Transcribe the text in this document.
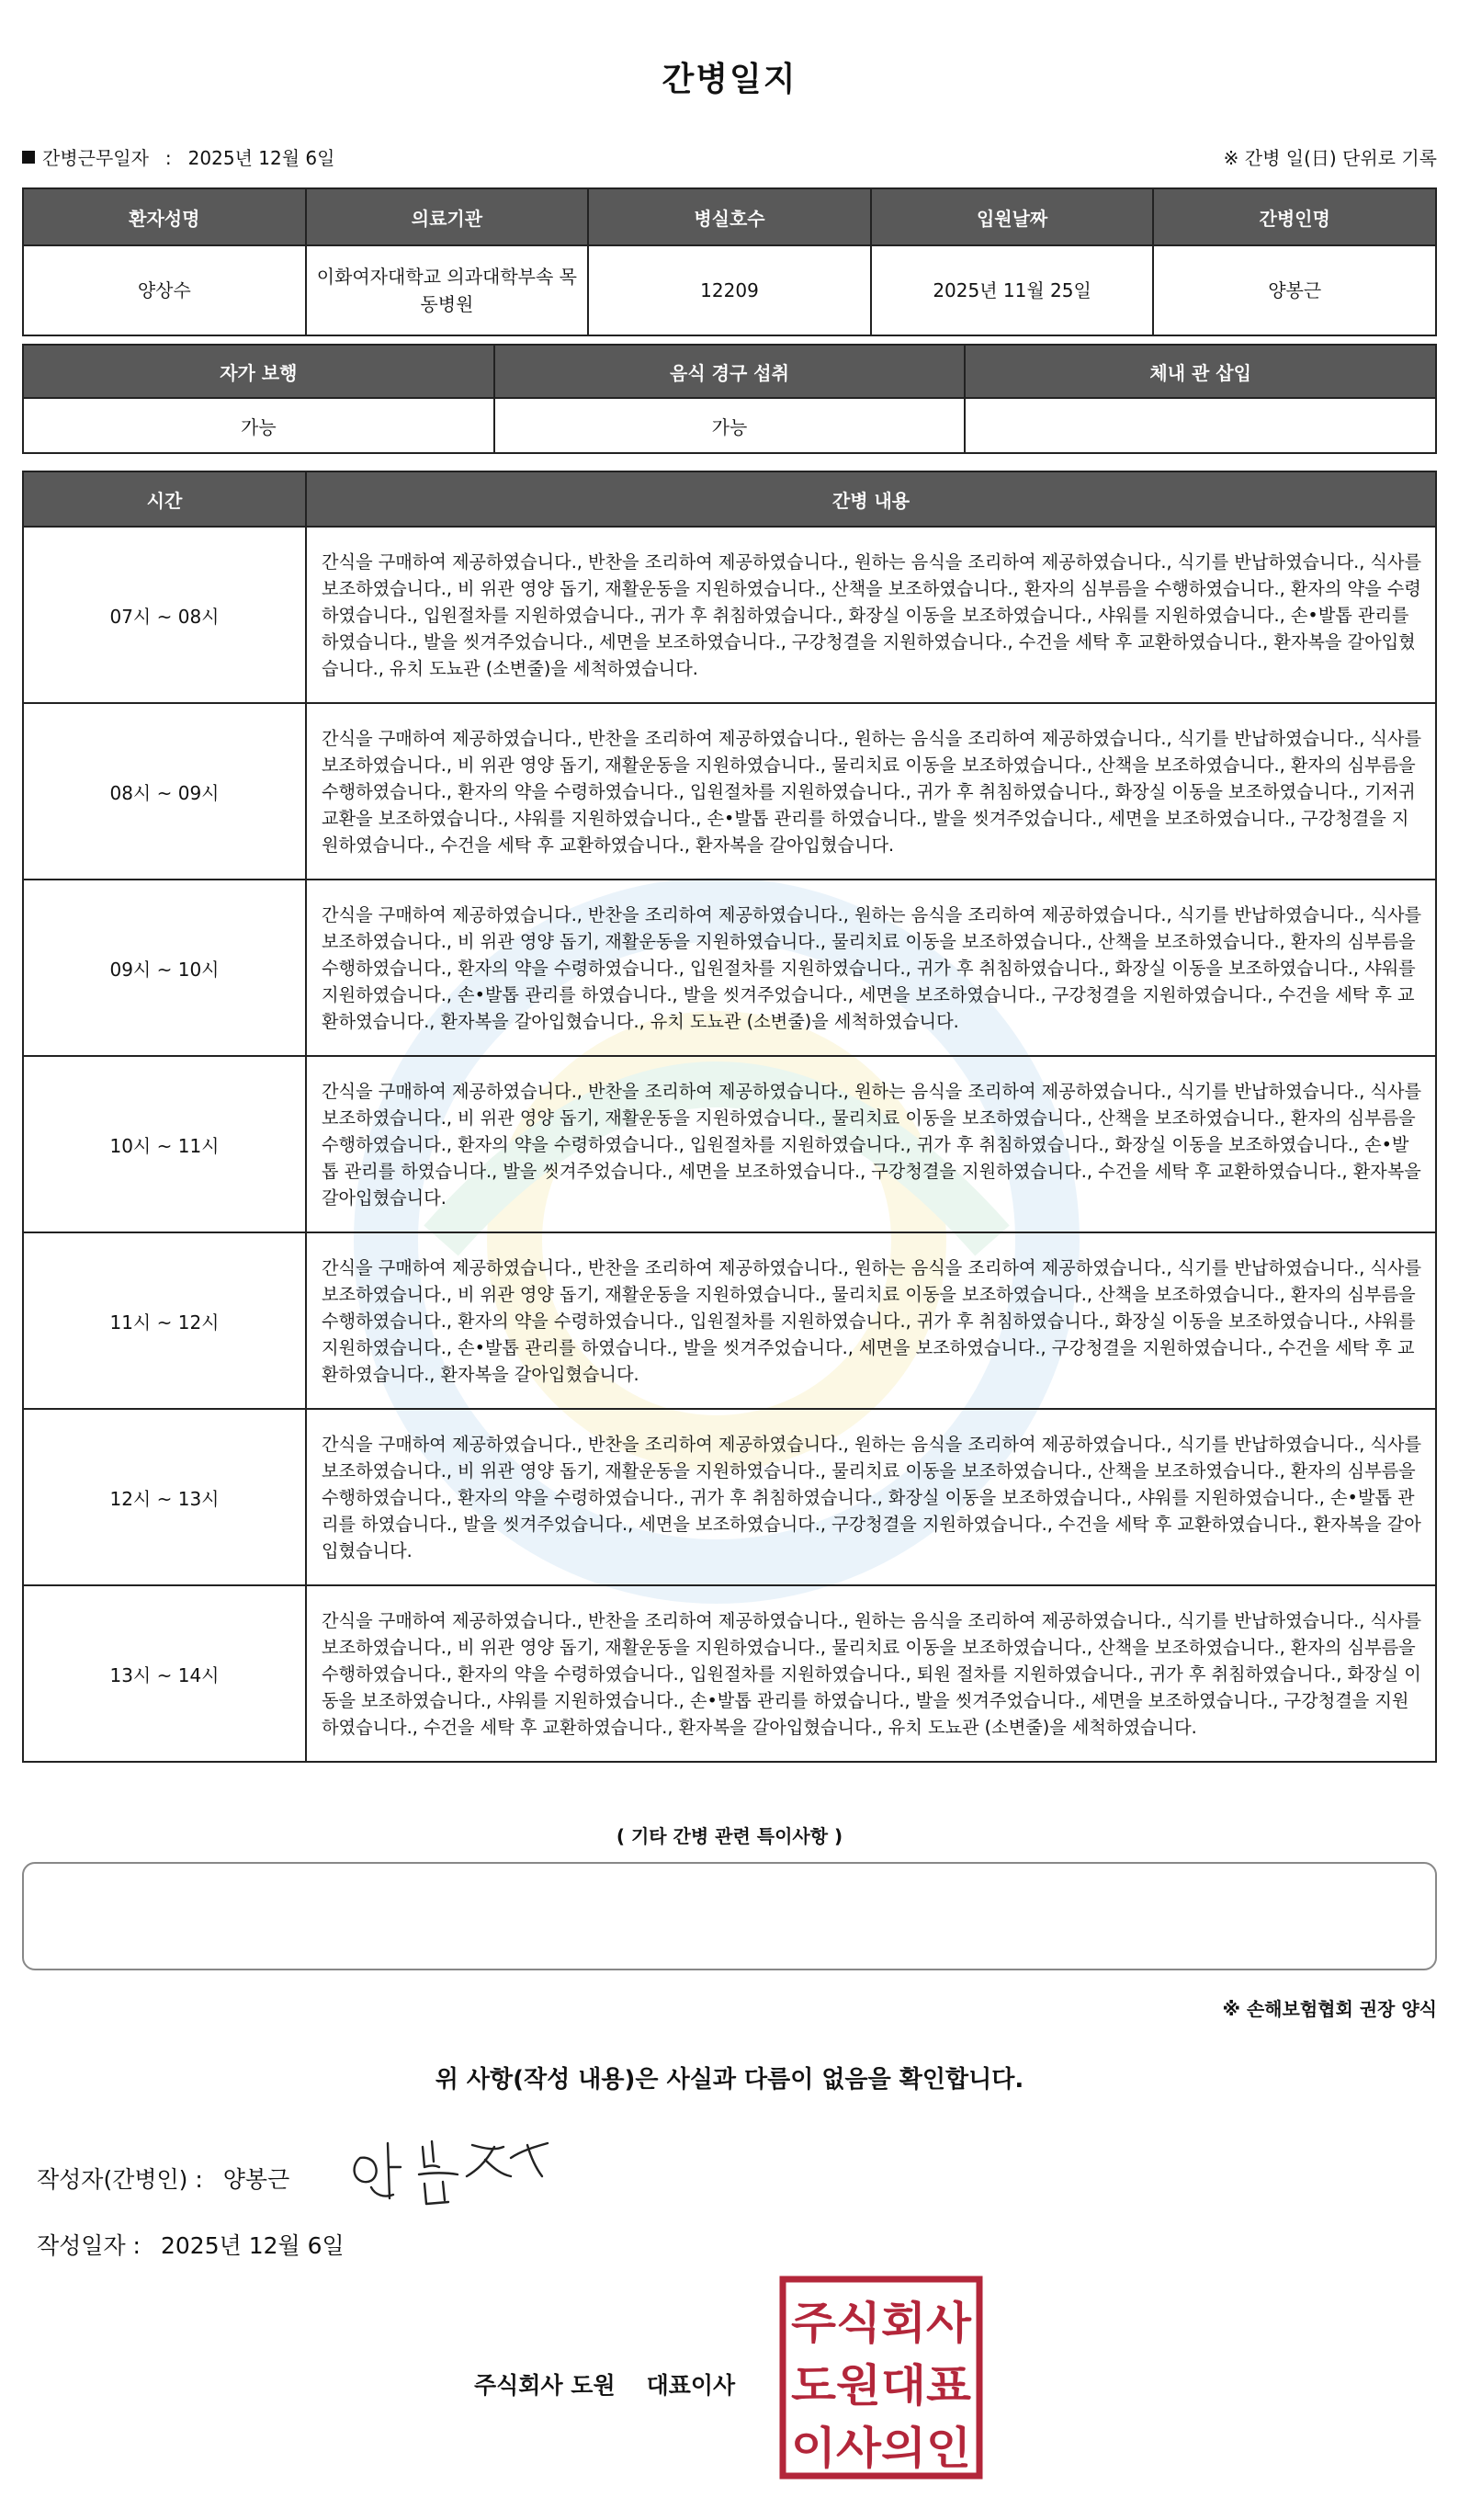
간병일지
간병근무일자 : 2025년 12월 6일	※ 간병 일(日) 단위로 기록
환자성명	의료기관	병실호수	입원날짜	간병인명
양상수	이화여자대학교 의과대학부속 목동병원	12209	2025년 11월 25일	양봉근
자가 보행	음식 경구 섭취	체내 관 삽입
가능	가능	
시간	간병 내용
07시 ~ 08시	간식을 구매하여 제공하였습니다., 반찬을 조리하여 제공하였습니다., 원하는 음식을 조리하여 제공하였습니다., 식기를 반납하였습니다., 식사를 보조하였습니다., 비 위관 영양 돕기, 재활운동을 지원하였습니다., 산책을 보조하였습니다., 환자의 심부름을 수행하였습니다., 환자의 약을 수령하였습니다., 입원절차를 지원하였습니다., 귀가 후 취침하였습니다., 화장실 이동을 보조하였습니다., 샤워를 지원하였습니다., 손•발톱 관리를 하였습니다., 발을 씻겨주었습니다., 세면을 보조하였습니다., 구강청결을 지원하였습니다., 수건을 세탁 후 교환하였습니다., 환자복을 갈아입혔습니다., 유치 도뇨관 (소변줄)을 세척하였습니다.
08시 ~ 09시	간식을 구매하여 제공하였습니다., 반찬을 조리하여 제공하였습니다., 원하는 음식을 조리하여 제공하였습니다., 식기를 반납하였습니다., 식사를 보조하였습니다., 비 위관 영양 돕기, 재활운동을 지원하였습니다., 물리치료 이동을 보조하였습니다., 산책을 보조하였습니다., 환자의 심부름을 수행하였습니다., 환자의 약을 수령하였습니다., 입원절차를 지원하였습니다., 귀가 후 취침하였습니다., 화장실 이동을 보조하였습니다., 기저귀 교환을 보조하였습니다., 샤워를 지원하였습니다., 손•발톱 관리를 하였습니다., 발을 씻겨주었습니다., 세면을 보조하였습니다., 구강청결을 지원하였습니다., 수건을 세탁 후 교환하였습니다., 환자복을 갈아입혔습니다.
09시 ~ 10시	간식을 구매하여 제공하였습니다., 반찬을 조리하여 제공하였습니다., 원하는 음식을 조리하여 제공하였습니다., 식기를 반납하였습니다., 식사를 보조하였습니다., 비 위관 영양 돕기, 재활운동을 지원하였습니다., 물리치료 이동을 보조하였습니다., 산책을 보조하였습니다., 환자의 심부름을 수행하였습니다., 환자의 약을 수령하였습니다., 입원절차를 지원하였습니다., 귀가 후 취침하였습니다., 화장실 이동을 보조하였습니다., 샤워를 지원하였습니다., 손•발톱 관리를 하였습니다., 발을 씻겨주었습니다., 세면을 보조하였습니다., 구강청결을 지원하였습니다., 수건을 세탁 후 교환하였습니다., 환자복을 갈아입혔습니다., 유치 도뇨관 (소변줄)을 세척하였습니다.
10시 ~ 11시	간식을 구매하여 제공하였습니다., 반찬을 조리하여 제공하였습니다., 원하는 음식을 조리하여 제공하였습니다., 식기를 반납하였습니다., 식사를 보조하였습니다., 비 위관 영양 돕기, 재활운동을 지원하였습니다., 물리치료 이동을 보조하였습니다., 산책을 보조하였습니다., 환자의 심부름을 수행하였습니다., 환자의 약을 수령하였습니다., 입원절차를 지원하였습니다., 귀가 후 취침하였습니다., 화장실 이동을 보조하였습니다., 손•발톱 관리를 하였습니다., 발을 씻겨주었습니다., 세면을 보조하였습니다., 구강청결을 지원하였습니다., 수건을 세탁 후 교환하였습니다., 환자복을 갈아입혔습니다.
11시 ~ 12시	간식을 구매하여 제공하였습니다., 반찬을 조리하여 제공하였습니다., 원하는 음식을 조리하여 제공하였습니다., 식기를 반납하였습니다., 식사를 보조하였습니다., 비 위관 영양 돕기, 재활운동을 지원하였습니다., 물리치료 이동을 보조하였습니다., 산책을 보조하였습니다., 환자의 심부름을 수행하였습니다., 환자의 약을 수령하였습니다., 입원절차를 지원하였습니다., 귀가 후 취침하였습니다., 화장실 이동을 보조하였습니다., 샤워를 지원하였습니다., 손•발톱 관리를 하였습니다., 발을 씻겨주었습니다., 세면을 보조하였습니다., 구강청결을 지원하였습니다., 수건을 세탁 후 교환하였습니다., 환자복을 갈아입혔습니다.
12시 ~ 13시	간식을 구매하여 제공하였습니다., 반찬을 조리하여 제공하였습니다., 원하는 음식을 조리하여 제공하였습니다., 식기를 반납하였습니다., 식사를 보조하였습니다., 비 위관 영양 돕기, 재활운동을 지원하였습니다., 물리치료 이동을 보조하였습니다., 산책을 보조하였습니다., 환자의 심부름을 수행하였습니다., 환자의 약을 수령하였습니다., 귀가 후 취침하였습니다., 화장실 이동을 보조하였습니다., 샤워를 지원하였습니다., 손•발톱 관리를 하였습니다., 발을 씻겨주었습니다., 세면을 보조하였습니다., 구강청결을 지원하였습니다., 수건을 세탁 후 교환하였습니다., 환자복을 갈아입혔습니다.
13시 ~ 14시	간식을 구매하여 제공하였습니다., 반찬을 조리하여 제공하였습니다., 원하는 음식을 조리하여 제공하였습니다., 식기를 반납하였습니다., 식사를 보조하였습니다., 비 위관 영양 돕기, 재활운동을 지원하였습니다., 물리치료 이동을 보조하였습니다., 산책을 보조하였습니다., 환자의 심부름을 수행하였습니다., 환자의 약을 수령하였습니다., 입원절차를 지원하였습니다., 퇴원 절차를 지원하였습니다., 귀가 후 취침하였습니다., 화장실 이동을 보조하였습니다., 샤워를 지원하였습니다., 손•발톱 관리를 하였습니다., 발을 씻겨주었습니다., 세면을 보조하였습니다., 구강청결을 지원하였습니다., 수건을 세탁 후 교환하였습니다., 환자복을 갈아입혔습니다., 유치 도뇨관 (소변줄)을 세척하였습니다.
( 기타 간병 관련 특이사항 )
※ 손해보험협회 권장 양식
위 사항(작성 내용)은 사실과 다름이 없음을 확인합니다.
작성자(간병인) : 양봉근
작성일자 : 2025년 12월 6일
주식회사 도원 대표이사
주식회사
도원대표
이사의인
